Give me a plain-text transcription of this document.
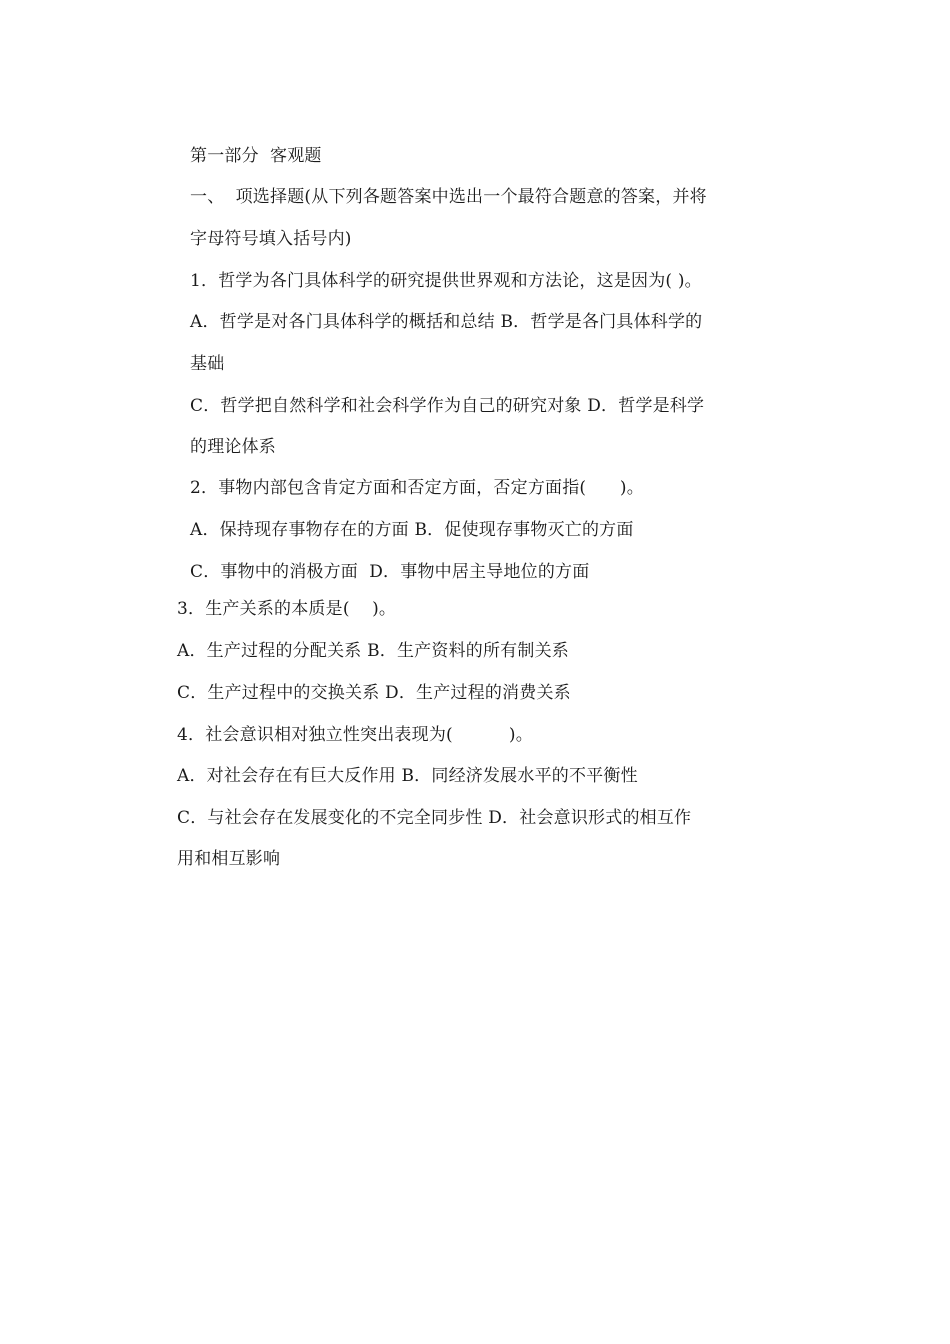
第一部分  客观题
一、  项选择题(从下列各题答案中选出一个最符合题意的答案，并将
字母符号填入括号内)
1．哲学为各门具体科学的研究提供世界观和方法论，这是因为( )。
A．哲学是对各门具体科学的概括和总结 B．哲学是各门具体科学的
基础
C．哲学把自然科学和社会科学作为自己的研究对象 D．哲学是科学
的理论体系
2．事物内部包含肯定方面和否定方面，否定方面指(      )。
A．保持现存事物存在的方面 B．促使现存事物灭亡的方面
C．事物中的消极方面  D．事物中居主导地位的方面
3．生产关系的本质是(    )。
A．生产过程的分配关系 B．生产资料的所有制关系
C．生产过程中的交换关系 D．生产过程的消费关系
4．社会意识相对独立性突出表现为(          )。
A．对社会存在有巨大反作用 B．同经济发展水平的不平衡性
C．与社会存在发展变化的不完全同步性 D．社会意识形式的相互作
用和相互影响
